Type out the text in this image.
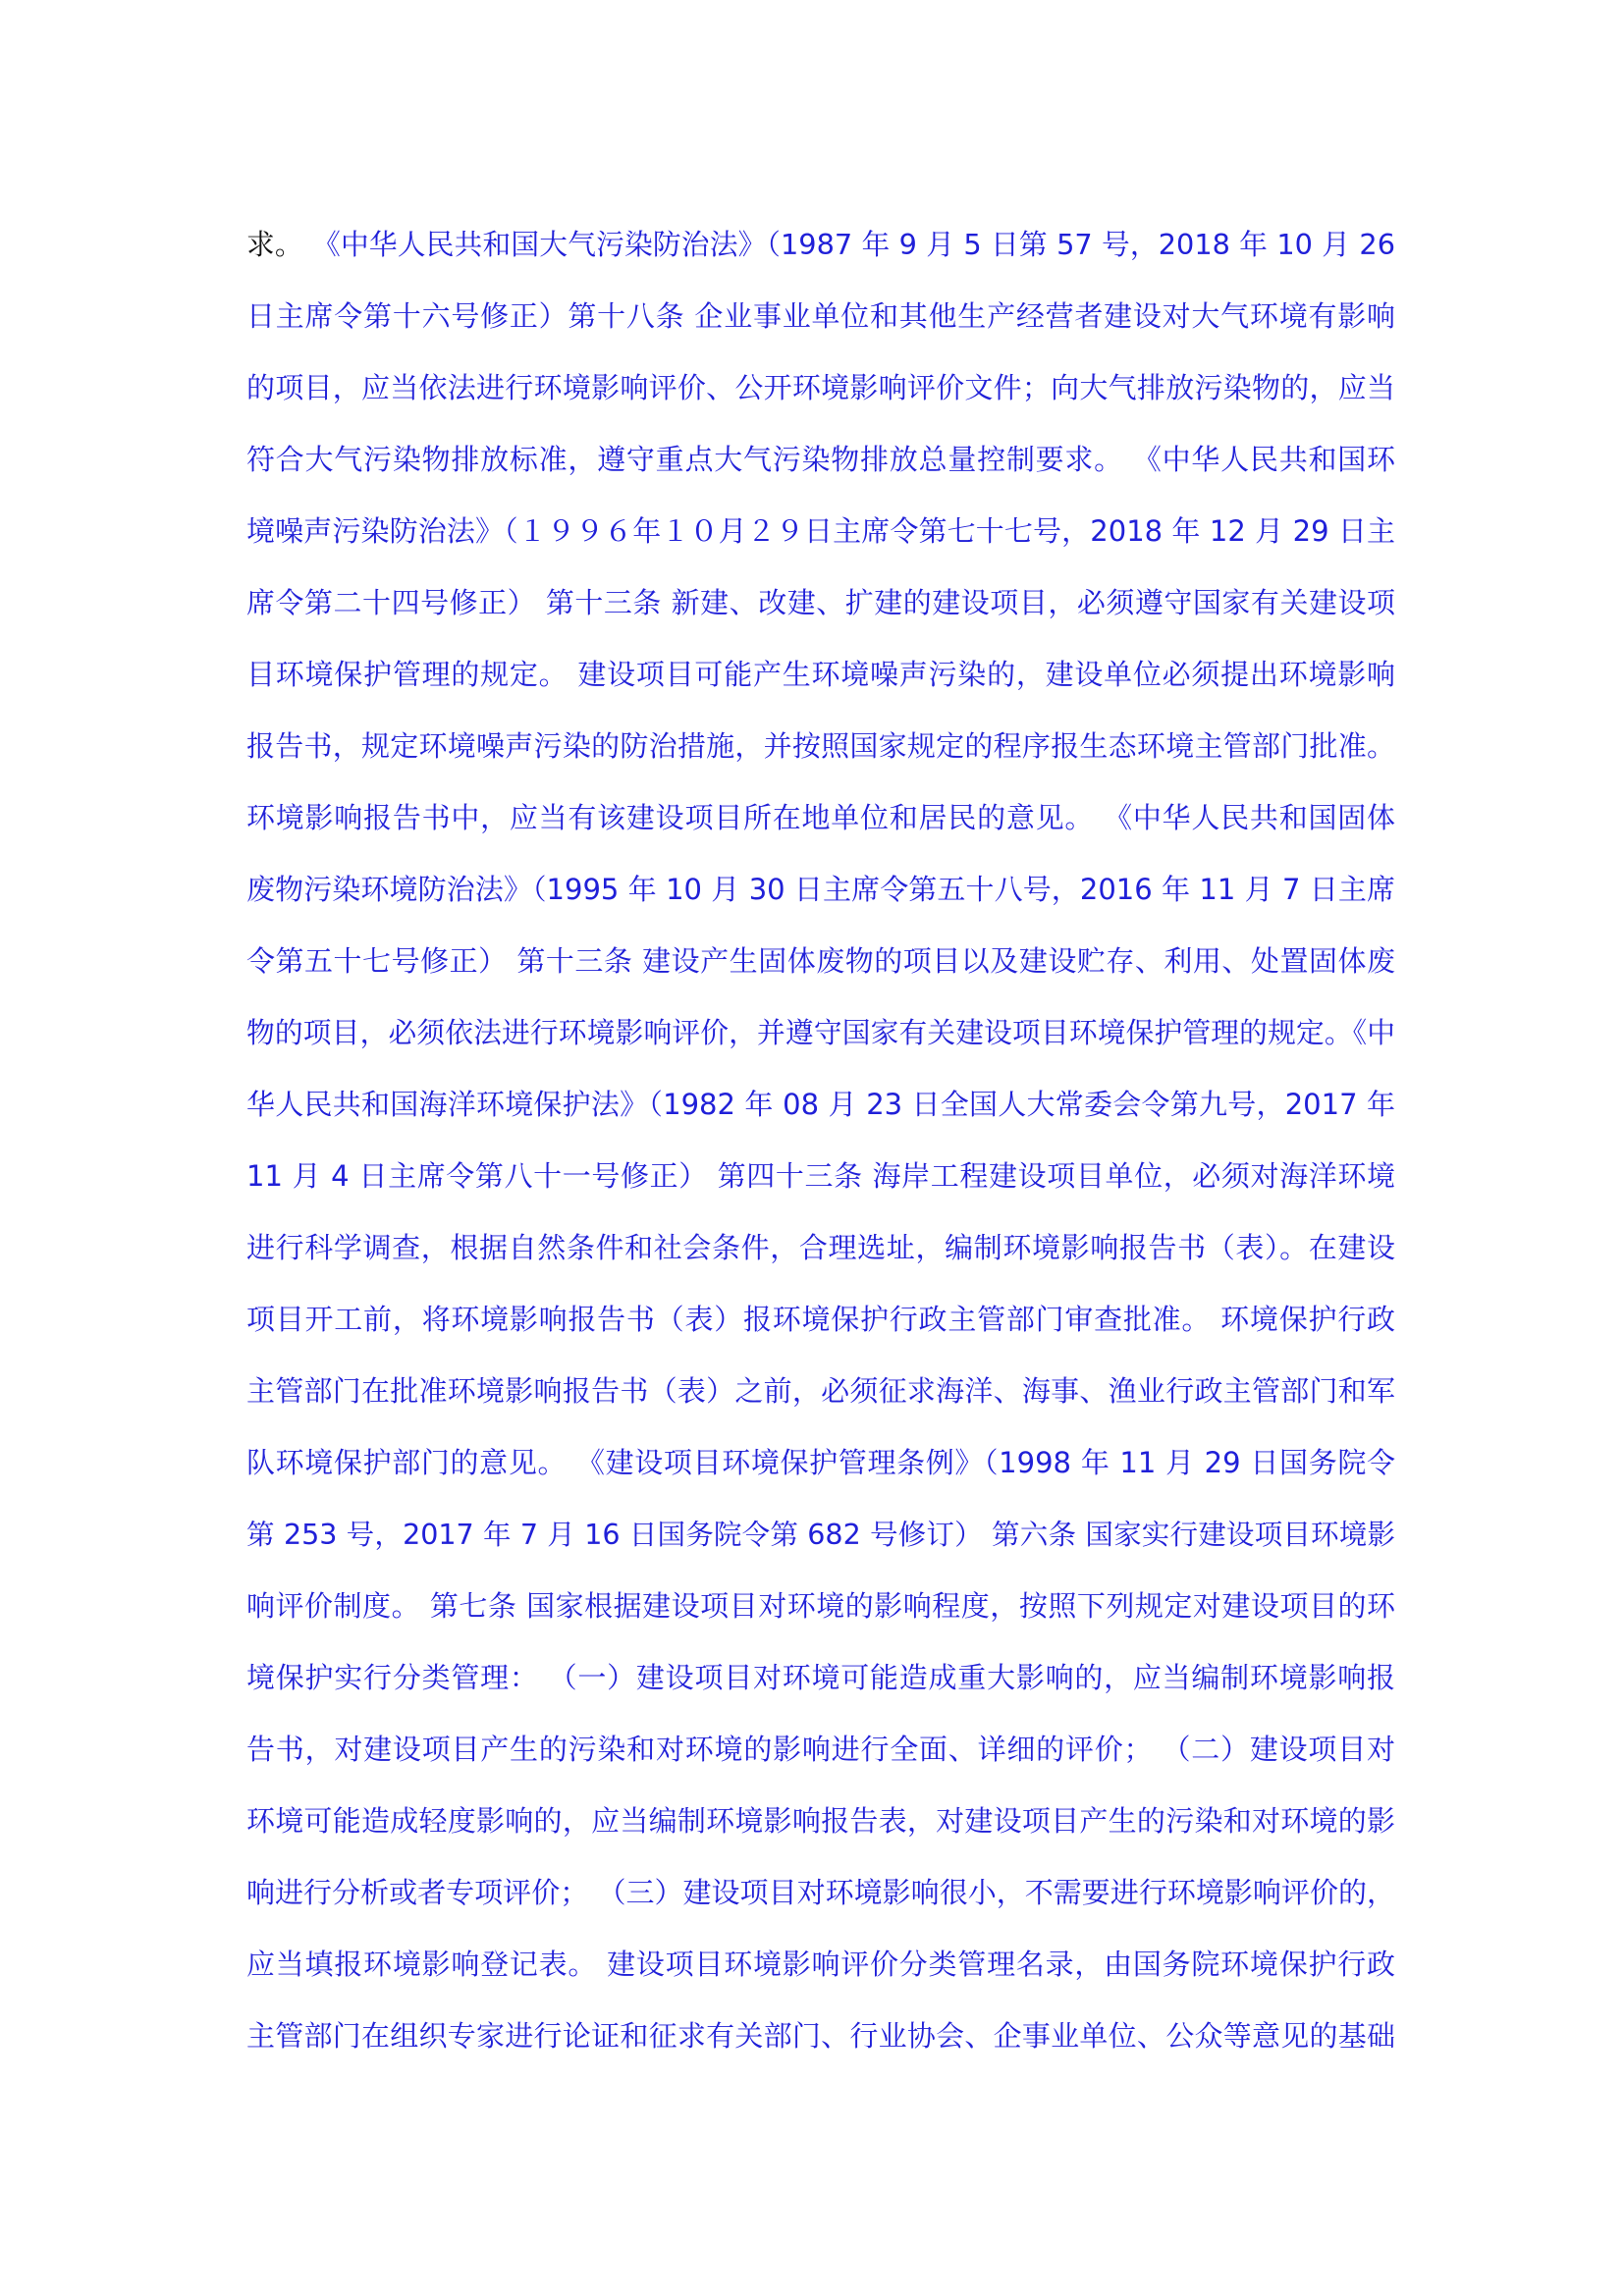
求。 《中华人民共和国大气污染防治法》（1987 年 9 月 5 日第 57 号，2018 年 10 月 26
日主席令第十六号修正）第十八条 企业事业单位和其他生产经营者建设对大气环境有影响
的项目，应当依法进行环境影响评价、公开环境影响评价文件；向大气排放污染物的，应当
符合大气污染物排放标准，遵守重点大气污染物排放总量控制要求。 《中华人民共和国环
境噪声污染防治法》（１９９６年１０月２９日主席令第七十七号，2018 年 12 月 29 日主
席令第二十四号修正） 第十三条 新建、改建、扩建的建设项目，必须遵守国家有关建设项
目环境保护管理的规定。 建设项目可能产生环境噪声污染的，建设单位必须提出环境影响
报告书，规定环境噪声污染的防治措施，并按照国家规定的程序报生态环境主管部门批准。
环境影响报告书中，应当有该建设项目所在地单位和居民的意见。 《中华人民共和国固体
废物污染环境防治法》（1995 年 10 月 30 日主席令第五十八号，2016 年 11 月 7 日主席
令第五十七号修正） 第十三条 建设产生固体废物的项目以及建设贮存、利用、处置固体废
物的项目，必须依法进行环境影响评价，并遵守国家有关建设项目环境保护管理的规定。《中
华人民共和国海洋环境保护法》（1982 年 08 月 23 日全国人大常委会令第九号，2017 年
11 月 4 日主席令第八十一号修正） 第四十三条 海岸工程建设项目单位，必须对海洋环境
进行科学调查，根据自然条件和社会条件，合理选址，编制环境影响报告书（表）。在建设
项目开工前，将环境影响报告书（表）报环境保护行政主管部门审查批准。 环境保护行政
主管部门在批准环境影响报告书（表）之前，必须征求海洋、海事、渔业行政主管部门和军
队环境保护部门的意见。 《建设项目环境保护管理条例》（1998 年 11 月 29 日国务院令
第 253 号，2017 年 7 月 16 日国务院令第 682 号修订） 第六条 国家实行建设项目环境影
响评价制度。 第七条 国家根据建设项目对环境的影响程度，按照下列规定对建设项目的环
境保护实行分类管理： （一）建设项目对环境可能造成重大影响的，应当编制环境影响报
告书，对建设项目产生的污染和对环境的影响进行全面、详细的评价； （二）建设项目对
环境可能造成轻度影响的，应当编制环境影响报告表，对建设项目产生的污染和对环境的影
响进行分析或者专项评价； （三）建设项目对环境影响很小，不需要进行环境影响评价的，
应当填报环境影响登记表。 建设项目环境影响评价分类管理名录，由国务院环境保护行政
主管部门在组织专家进行论证和征求有关部门、行业协会、企事业单位、公众等意见的基础
